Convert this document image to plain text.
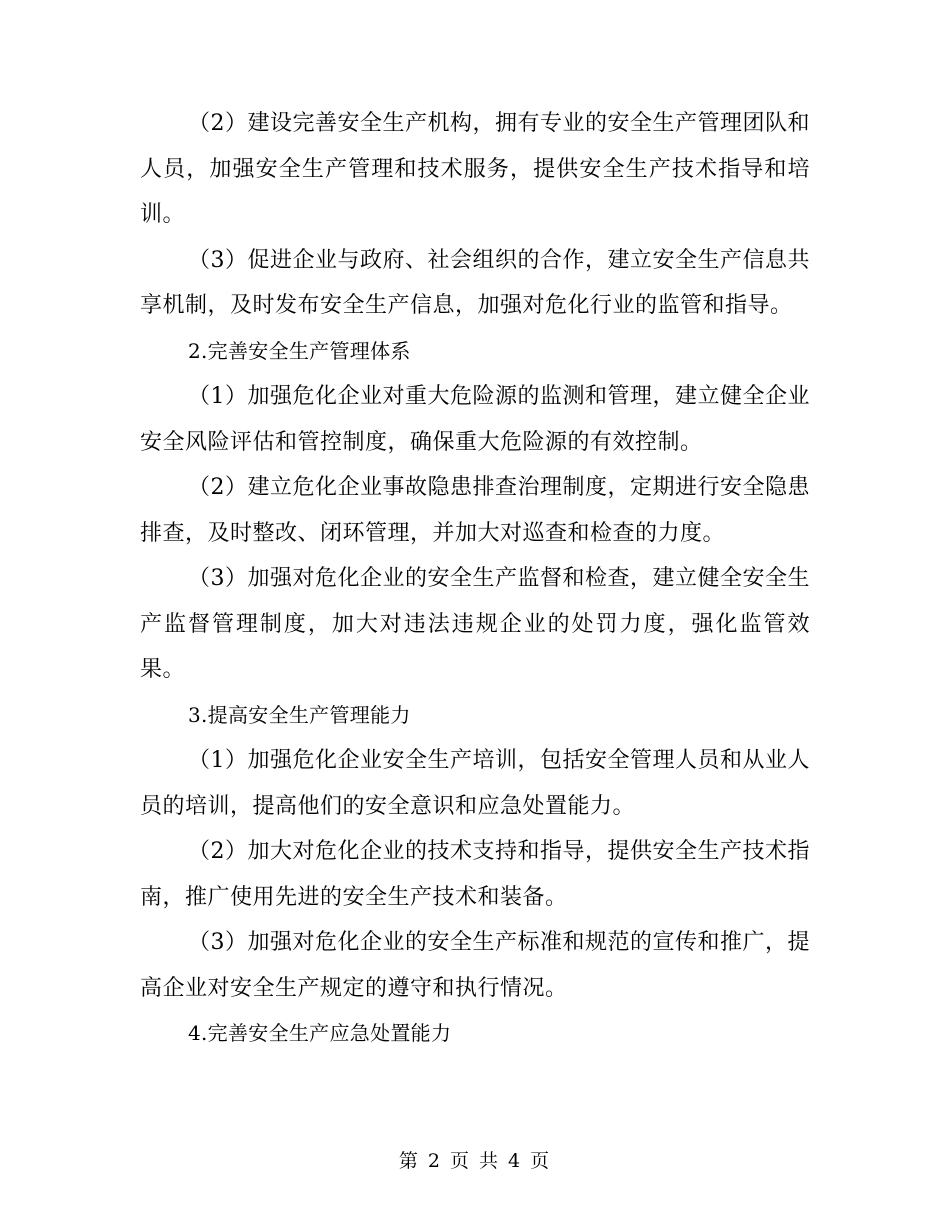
（2）建设完善安全生产机构，拥有专业的安全生产管理团队和人员，加强安全生产管理和技术服务，提供安全生产技术指导和培训。

（3）促进企业与政府、社会组织的合作，建立安全生产信息共享机制，及时发布安全生产信息，加强对危化行业的监管和指导。

2.完善安全生产管理体系

（1）加强危化企业对重大危险源的监测和管理，建立健全企业安全风险评估和管控制度，确保重大危险源的有效控制。

（2）建立危化企业事故隐患排查治理制度，定期进行安全隐患排查，及时整改、闭环管理，并加大对巡查和检查的力度。

（3）加强对危化企业的安全生产监督和检查，建立健全安全生产监督管理制度，加大对违法违规企业的处罚力度，强化监管效果。

3.提高安全生产管理能力

（1）加强危化企业安全生产培训，包括安全管理人员和从业人员的培训，提高他们的安全意识和应急处置能力。

（2）加大对危化企业的技术支持和指导，提供安全生产技术指南，推广使用先进的安全生产技术和装备。

（3）加强对危化企业的安全生产标准和规范的宣传和推广，提高企业对安全生产规定的遵守和执行情况。

4.完善安全生产应急处置能力

第 2 页 共 4 页
